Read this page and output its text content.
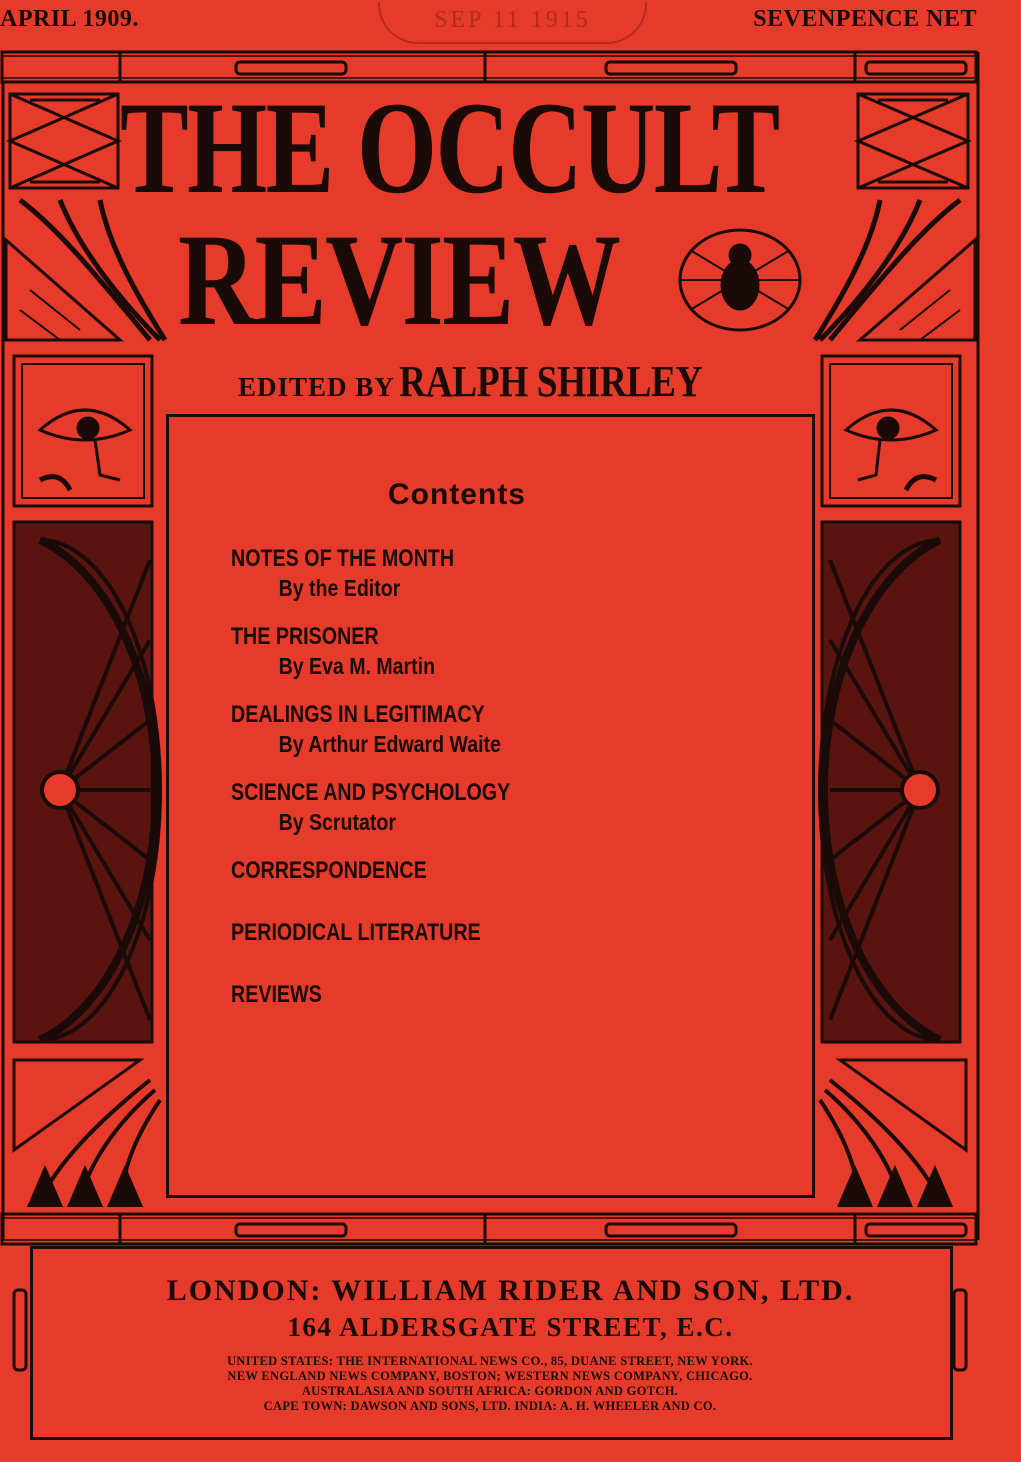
APRIL 1909.	SEP 11 1915	SEVENPENCE NET
THE OCCULT
REVIEW
EDITED BY RALPH SHIRLEY
Contents
NOTES OF THE MONTH
By the Editor
THE PRISONER
By Eva M. Martin
DEALINGS IN LEGITIMACY
By Arthur Edward Waite
SCIENCE AND PSYCHOLOGY
By Scrutator
CORRESPONDENCE
PERIODICAL LITERATURE
REVIEWS
LONDON: WILLIAM RIDER AND SON, LTD.
164 ALDERSGATE STREET, E.C.
UNITED STATES: THE INTERNATIONAL NEWS CO., 85, DUANE STREET, NEW YORK.
NEW ENGLAND NEWS COMPANY, BOSTON; WESTERN NEWS COMPANY, CHICAGO.
AUSTRALASIA AND SOUTH AFRICA: GORDON AND GOTCH.
CAPE TOWN: DAWSON AND SONS, LTD. INDIA: A. H. WHEELER AND CO.
